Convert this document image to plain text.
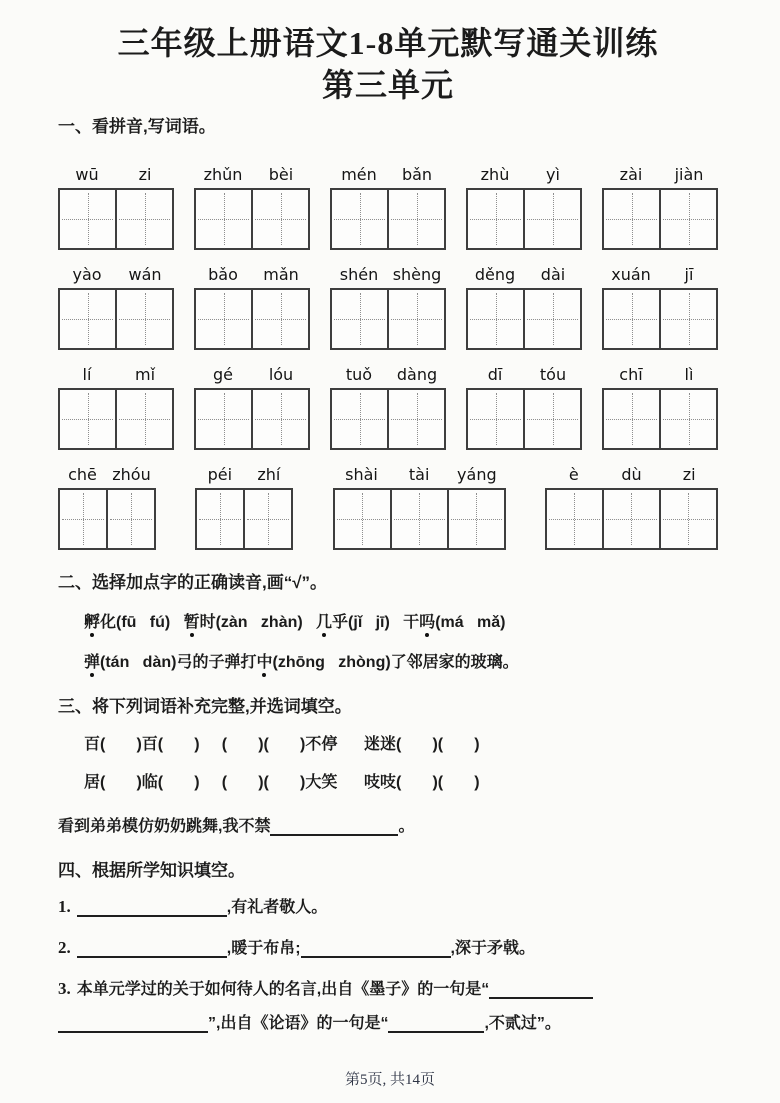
三年级上册语文1-8单元默写通关训练
第三单元
一、看拼音,写词语。
wū	zi	zhǔn	bèi	mén	bǎn	zhù	yì	zài	jiàn
yào	wán	bǎo	mǎn	shén shèng	děng	dài	xuán	jī
lí	mǐ	gé	lóu	tuǒ	dàng	dī	tóu	chī	lì
chē zhóu	péi	zhí	shài	tài	yáng	è	dù	zi
二、选择加点字的正确读音,画“√”。
孵化(fū   fú)   暂时(zàn   zhàn)   几乎(jǐ   jī)   干吗(má   mǎ)
弹(tán   dàn)弓的子弹打中(zhōng   zhòng)了邻居家的玻璃。
三、将下列词语补充完整,并选词填空。
百(       )百(       )     (       )(       )不停      迷迷(       )(       )
居(       )临(       )     (       )(       )大笑      吱吱(       )(       )
看到弟弟模仿奶奶跳舞,我不禁	。
四、根据所学知识填空。
1.	,有礼者敬人。
2.	,暖于布帛;	,深于矛戟。
3. 本单元学过的关于如何待人的名言,出自《墨子》的一句是“
”,出自《论语》的一句是“	,不贰过”。
第5页, 共14页
